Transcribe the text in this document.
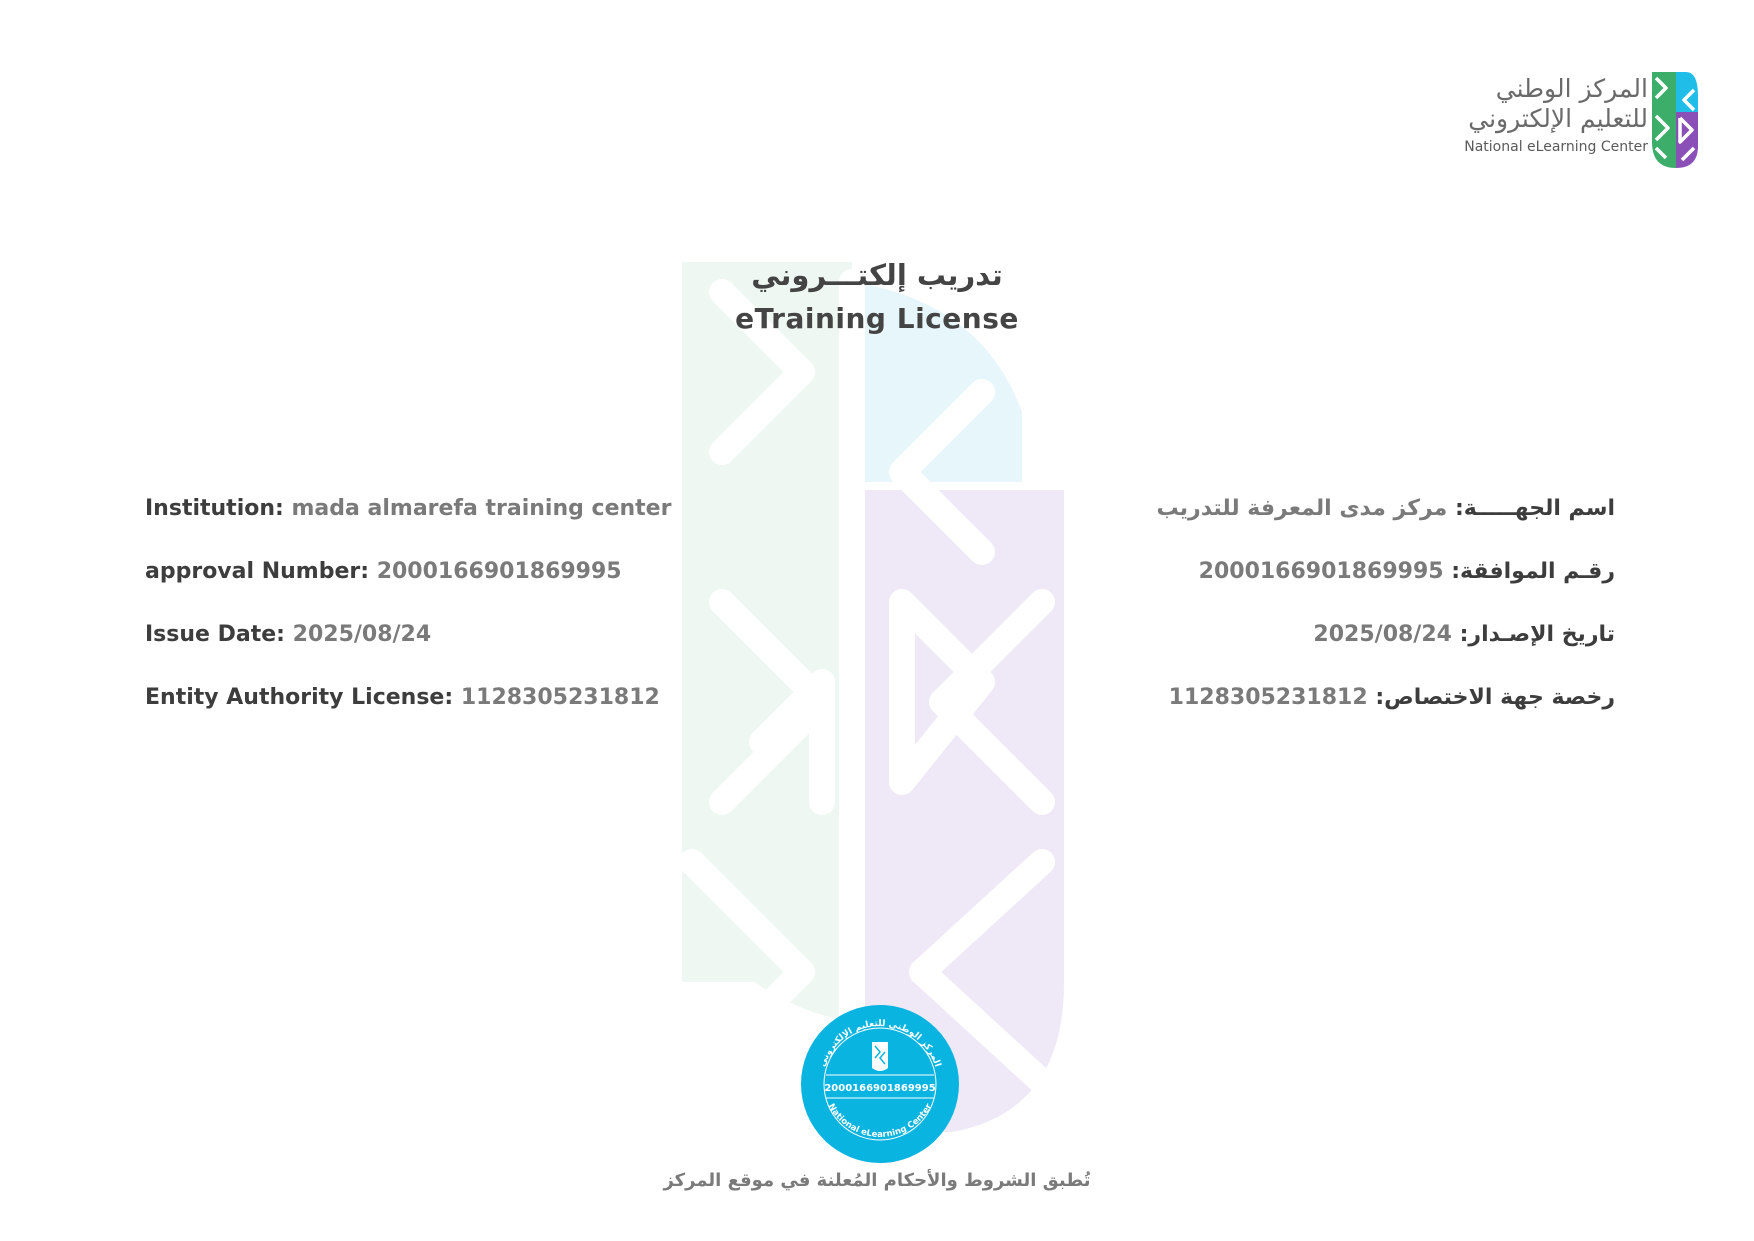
المركز الوطني
للتعليم الإلكتروني
National eLearning Center
تدريب إلكتـــروني
eTraining License
Institution: mada almarefa training center
approval Number: 2000166901869995
Issue Date: 2025/08/24
Entity Authority License: 1128305231812
اسم الجهـــــة: مركز مدى المعرفة للتدريب
رقـم الموافقة: 2000166901869995
تاريخ الإصـدار: 2025/08/24
رخصة جهة الاختصاص: 1128305231812
المركز الوطني للتعليم الإلكتروني
2000166901869995
National eLearning Center
تُطبق الشروط والأحكام المُعلنة في موقع المركز
